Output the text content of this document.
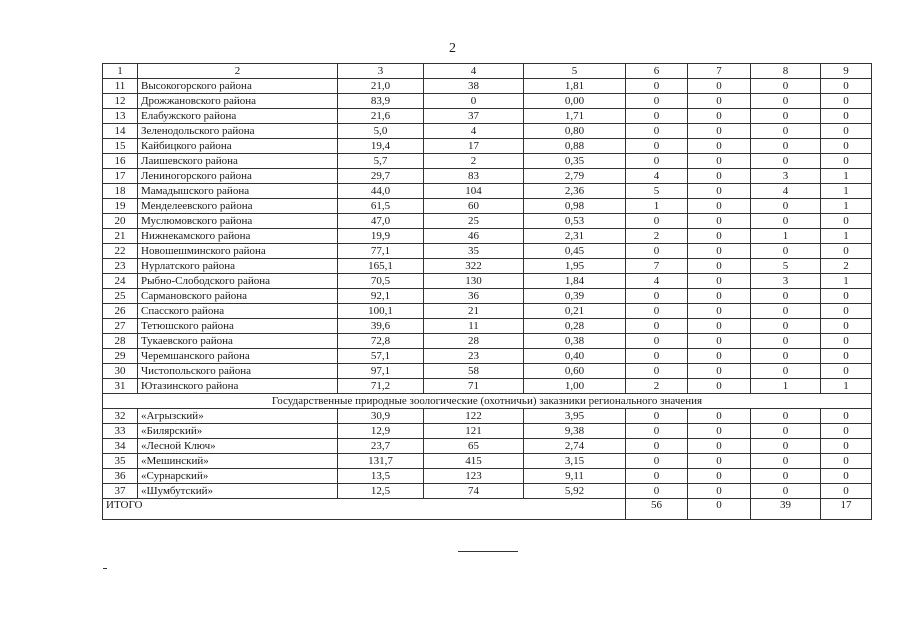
2
1	2	3	4	5	6	7	8	9
11	Высокогорского района	21,0	38	1,81	0	0	0	0
12	Дрожжановского района	83,9	0	0,00	0	0	0	0
13	Елабужского района	21,6	37	1,71	0	0	0	0
14	Зеленодольского района	5,0	4	0,80	0	0	0	0
15	Кайбицкого района	19,4	17	0,88	0	0	0	0
16	Лаишевского района	5,7	2	0,35	0	0	0	0
17	Лениногорского района	29,7	83	2,79	4	0	3	1
18	Мамадышского района	44,0	104	2,36	5	0	4	1
19	Менделеевского района	61,5	60	0,98	1	0	0	1
20	Муслюмовского района	47,0	25	0,53	0	0	0	0
21	Нижнекамского района	19,9	46	2,31	2	0	1	1
22	Новошешминского района	77,1	35	0,45	0	0	0	0
23	Нурлатского района	165,1	322	1,95	7	0	5	2
24	Рыбно-Слободского района	70,5	130	1,84	4	0	3	1
25	Сармановского района	92,1	36	0,39	0	0	0	0
26	Спасского района	100,1	21	0,21	0	0	0	0
27	Тетюшского района	39,6	11	0,28	0	0	0	0
28	Тукаевского района	72,8	28	0,38	0	0	0	0
29	Черемшанского района	57,1	23	0,40	0	0	0	0
30	Чистопольского района	97,1	58	0,60	0	0	0	0
31	Ютазинского района	71,2	71	1,00	2	0	1	1
Государственные природные зоологические (охотничьи) заказники регионального значения								
32	«Агрызский»	30,9	122	3,95	0	0	0	0
33	«Билярский»	12,9	121	9,38	0	0	0	0
34	«Лесной Ключ»	23,7	65	2,74	0	0	0	0
35	«Мешинский»	131,7	415	3,15	0	0	0	0
36	«Сурнарский»	13,5	123	9,11	0	0	0	0
37	«Шумбутский»	12,5	74	5,92	0	0	0	0
ИТОГО					56	0	39	17
